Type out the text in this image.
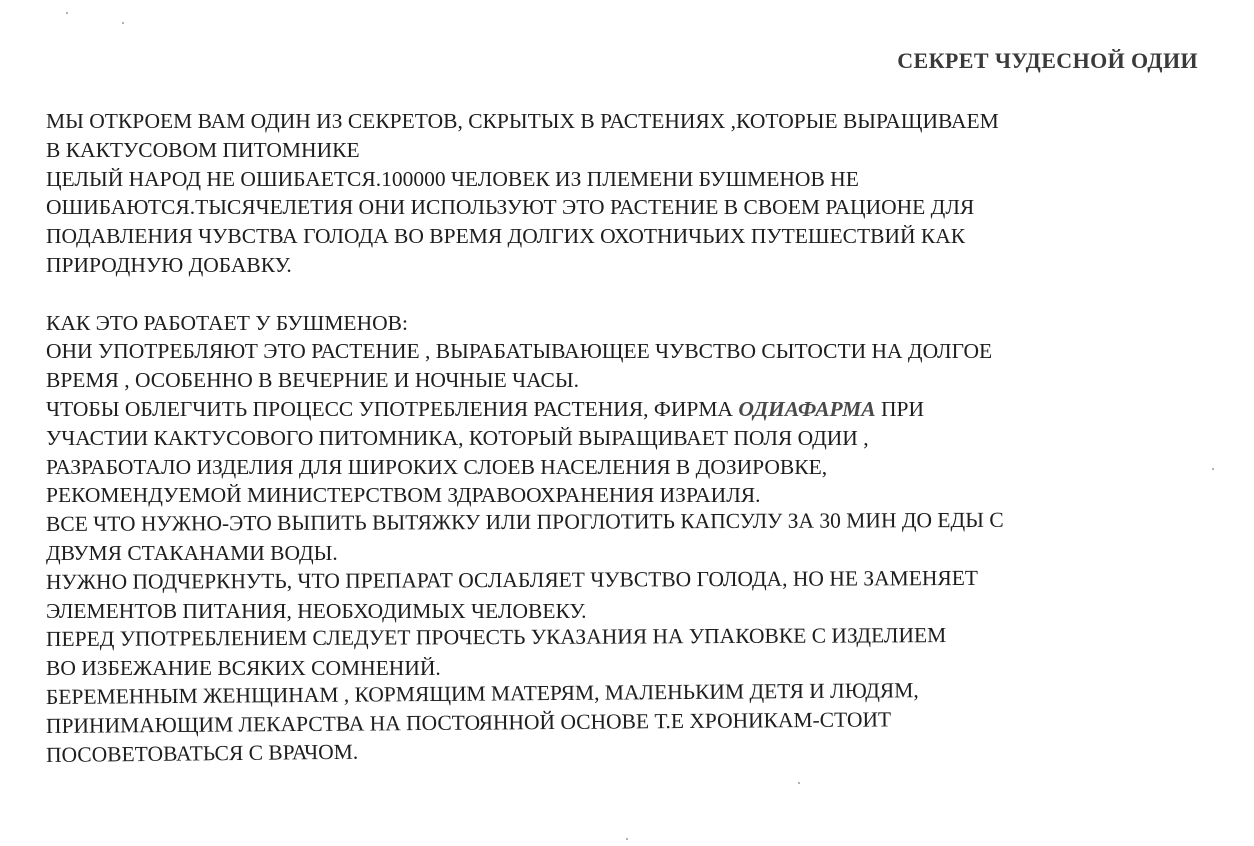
СЕКРЕТ ЧУДЕСНОЙ ОДИИ
МЫ ОТКРОЕМ ВАМ ОДИН ИЗ СЕКРЕТОВ, СКРЫТЫХ В РАСТЕНИЯХ ,КОТОРЫЕ ВЫРАЩИВАЕМ
В КАКТУСОВОМ ПИТОМНИКЕ
ЦЕЛЫЙ НАРОД НЕ ОШИБАЕТСЯ.100000 ЧЕЛОВЕК ИЗ ПЛЕМЕНИ БУШМЕНОВ НЕ
ОШИБАЮТСЯ.ТЫСЯЧЕЛЕТИЯ ОНИ ИСПОЛЬЗУЮТ ЭТО РАСТЕНИЕ В СВОЕМ РАЦИОНЕ ДЛЯ
ПОДАВЛЕНИЯ ЧУВСТВА ГОЛОДА ВО ВРЕМЯ ДОЛГИХ ОХОТНИЧЬИХ ПУТЕШЕСТВИЙ КАК
ПРИРОДНУЮ ДОБАВКУ.
КАК ЭТО РАБОТАЕТ У БУШМЕНОВ:
ОНИ УПОТРЕБЛЯЮТ ЭТО РАСТЕНИЕ , ВЫРАБАТЫВАЮЩЕЕ ЧУВСТВО СЫТОСТИ НА ДОЛГОЕ
ВРЕМЯ , ОСОБЕННО В ВЕЧЕРНИЕ И НОЧНЫЕ ЧАСЫ.
ЧТОБЫ ОБЛЕГЧИТЬ ПРОЦЕСС УПОТРЕБЛЕНИЯ РАСТЕНИЯ, ФИРМА ОДИАФАРМА ПРИ
УЧАСТИИ КАКТУСОВОГО ПИТОМНИКА, КОТОРЫЙ ВЫРАЩИВАЕТ ПОЛЯ ОДИИ ,
РАЗРАБОТАЛО ИЗДЕЛИЯ ДЛЯ ШИРОКИХ СЛОЕВ НАСЕЛЕНИЯ В ДОЗИРОВКЕ,
РЕКОМЕНДУЕМОЙ МИНИСТЕРСТВОМ ЗДРАВООХРАНЕНИЯ ИЗРАИЛЯ.
ВСЕ ЧТО НУЖНО-ЭТО ВЫПИТЬ ВЫТЯЖКУ ИЛИ ПРОГЛОТИТЬ КАПСУЛУ ЗА 30 МИН ДО ЕДЫ С
ДВУМЯ СТАКАНАМИ ВОДЫ.
НУЖНО ПОДЧЕРКНУТЬ, ЧТО ПРЕПАРАТ ОСЛАБЛЯЕТ ЧУВСТВО ГОЛОДА, НО НЕ ЗАМЕНЯЕТ
ЭЛЕМЕНТОВ ПИТАНИЯ, НЕОБХОДИМЫХ ЧЕЛОВЕКУ.
ПЕРЕД УПОТРЕБЛЕНИЕМ СЛЕДУЕТ ПРОЧЕСТЬ УКАЗАНИЯ НА УПАКОВКЕ С ИЗДЕЛИЕМ
ВО ИЗБЕЖАНИЕ ВСЯКИХ СОМНЕНИЙ.
БЕРЕМЕННЫМ ЖЕНЩИНАМ , КОРМЯЩИМ МАТЕРЯМ, МАЛЕНЬКИМ ДЕТЯ И ЛЮДЯМ,
ПРИНИМАЮЩИМ ЛЕКАРСТВА НА ПОСТОЯННОЙ ОСНОВЕ Т.Е ХРОНИКАМ-СТОИТ
ПОСОВЕТОВАТЬСЯ С ВРАЧОМ.
